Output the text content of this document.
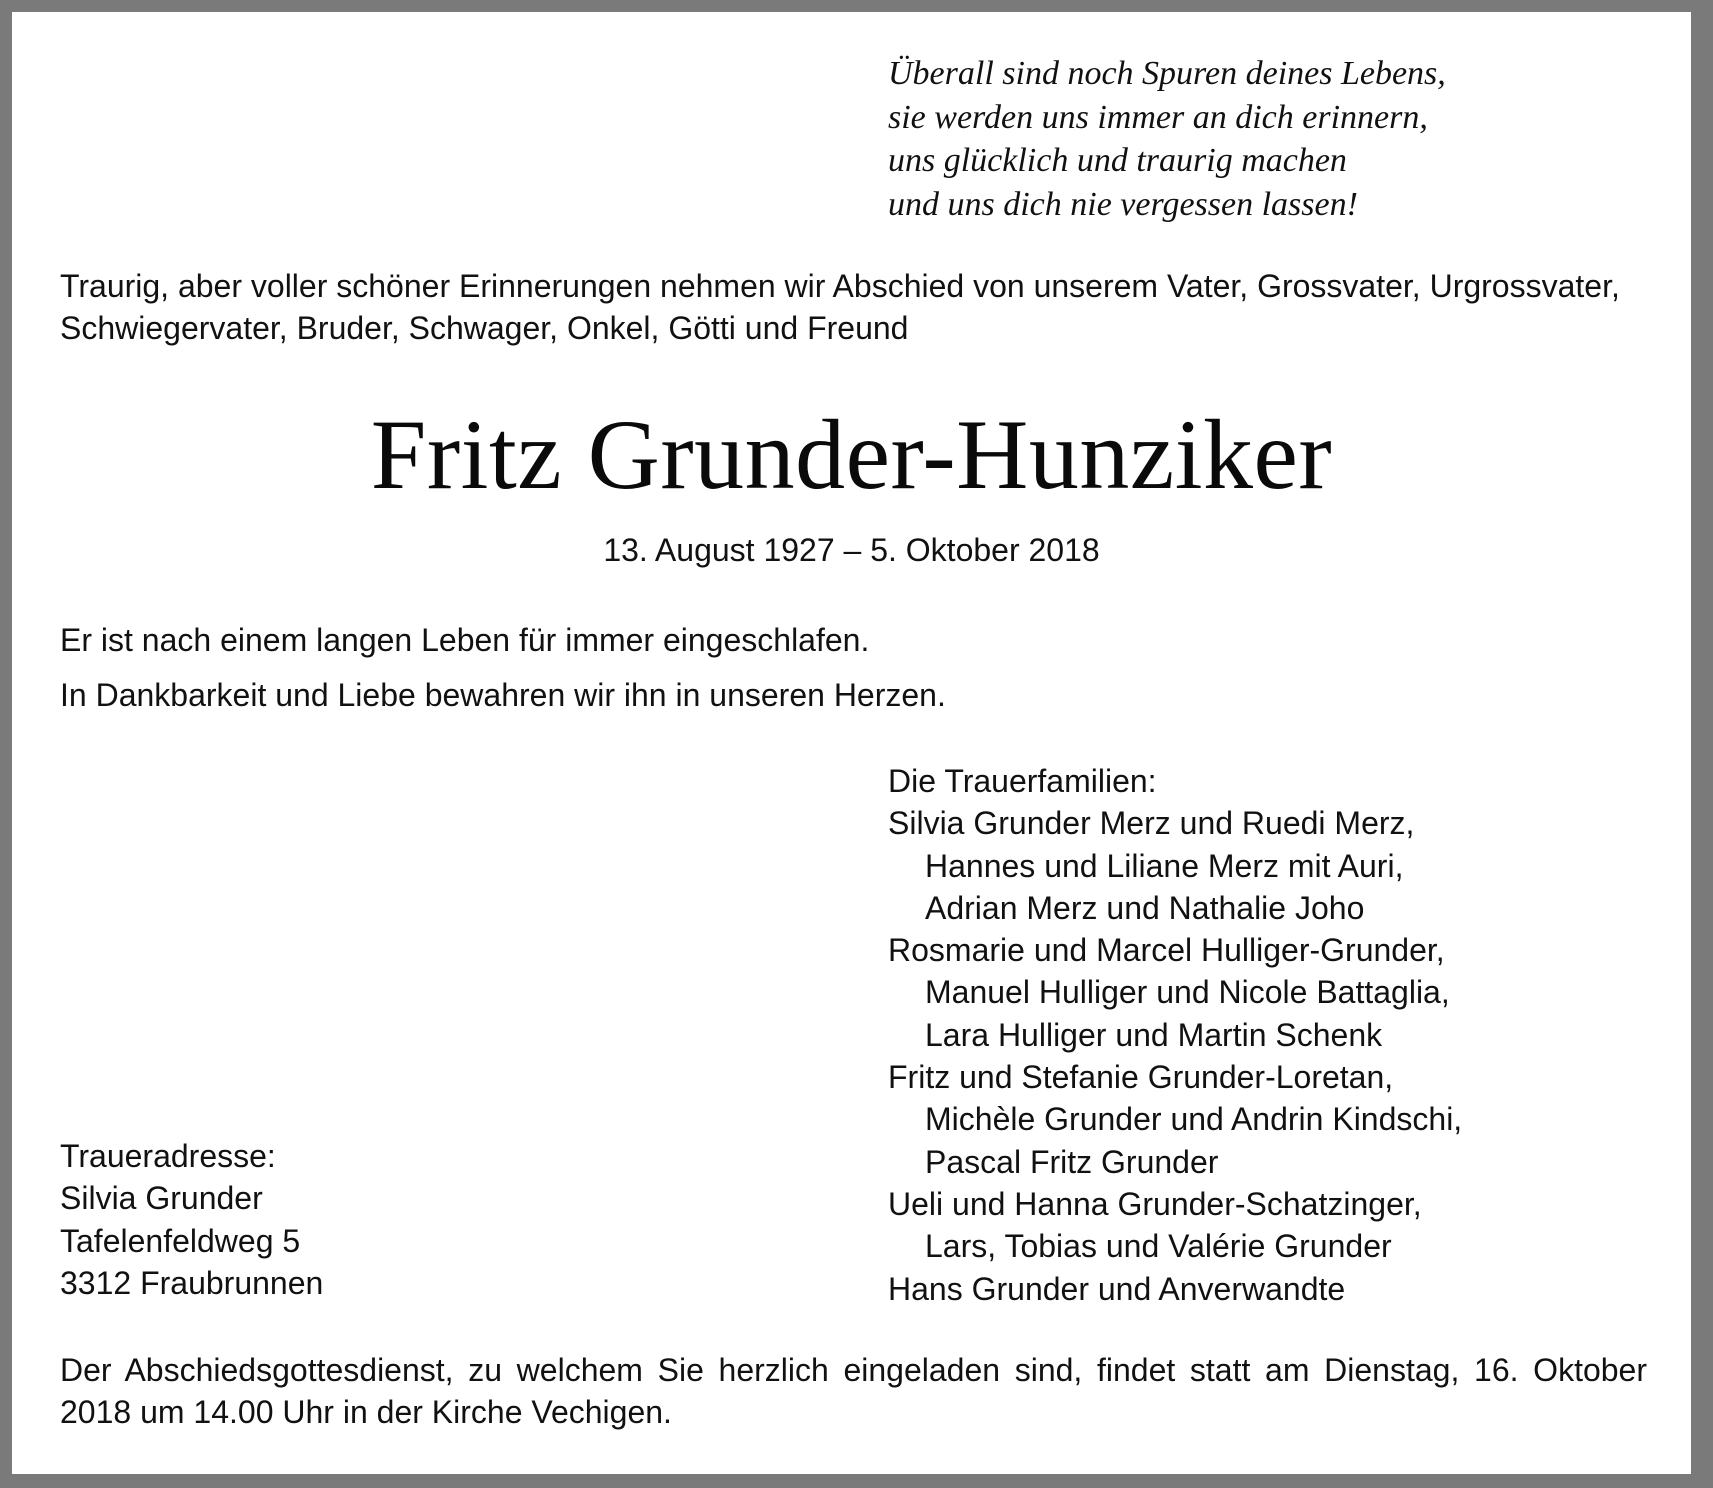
Überall sind noch Spuren deines Lebens,
sie werden uns immer an dich erinnern,
uns glücklich und traurig machen
und uns dich nie vergessen lassen!
Traurig, aber voller schöner Erinnerungen nehmen wir Abschied von unserem Vater, Grossvater, Urgrossvater,
Schwiegervater, Bruder, Schwager, Onkel, Götti und Freund
Fritz Grunder-Hunziker
13. August 1927 – 5. Oktober 2018
Er ist nach einem langen Leben für immer eingeschlafen.
In Dankbarkeit und Liebe bewahren wir ihn in unseren Herzen.
Die Trauerfamilien:
Silvia Grunder Merz und Ruedi Merz,
Hannes und Liliane Merz mit Auri,
Adrian Merz und Nathalie Joho
Rosmarie und Marcel Hulliger-Grunder,
Manuel Hulliger und Nicole Battaglia,
Lara Hulliger und Martin Schenk
Fritz und Stefanie Grunder-Loretan,
Michèle Grunder und Andrin Kindschi,
Pascal Fritz Grunder
Ueli und Hanna Grunder-Schatzinger,
Lars, Tobias und Valérie Grunder
Hans Grunder und Anverwandte
Traueradresse:
Silvia Grunder
Tafelenfeldweg 5
3312 Fraubrunnen
Der Abschiedsgottesdienst, zu welchem Sie herzlich eingeladen sind, findet statt am Dienstag, 16. Oktober
2018 um 14.00 Uhr in der Kirche Vechigen.
